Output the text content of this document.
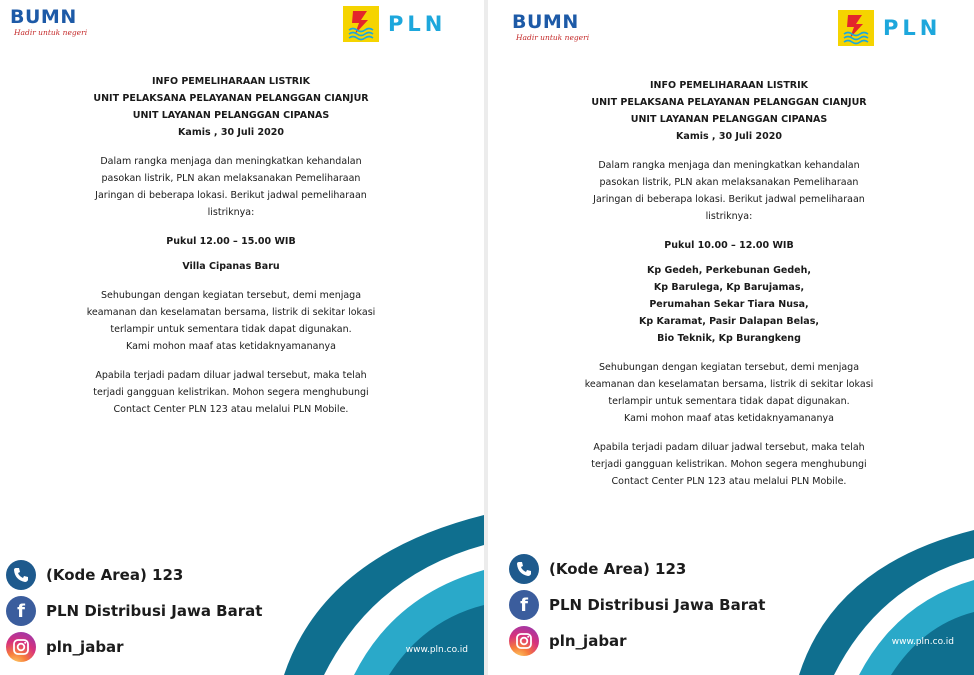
BUMN
Hadir untuk negeri	PLN
INFO PEMELIHARAAN LISTRIK
UNIT PELAKSANA PELAYANAN PELANGGAN CIANJUR
UNIT LAYANAN PELANGGAN CIPANAS
Kamis , 30 Juli 2020
Dalam rangka menjaga dan meningkatkan kehandalan
pasokan listrik, PLN akan melaksanakan Pemeliharaan
Jaringan di beberapa lokasi. Berikut jadwal pemeliharaan
listriknya:
Pukul 12.00 – 15.00 WIB
Villa Cipanas Baru
Sehubungan dengan kegiatan tersebut, demi menjaga
keamanan dan keselamatan bersama, listrik di sekitar lokasi
terlampir untuk sementara tidak dapat digunakan.
Kami mohon maaf atas ketidaknyamananya
Apabila terjadi padam diluar jadwal tersebut, maka telah
terjadi gangguan kelistrikan. Mohon segera menghubungi
Contact Center PLN 123 atau melalui PLN Mobile.
www.pln.co.id
(Kode Area) 123
f	PLN Distribusi Jawa Barat
pln_jabar
BUMN
Hadir untuk negeri	PLN
INFO PEMELIHARAAN LISTRIK
UNIT PELAKSANA PELAYANAN PELANGGAN CIANJUR
UNIT LAYANAN PELANGGAN CIPANAS
Kamis , 30 Juli 2020
Dalam rangka menjaga dan meningkatkan kehandalan
pasokan listrik, PLN akan melaksanakan Pemeliharaan
Jaringan di beberapa lokasi. Berikut jadwal pemeliharaan
listriknya:
Pukul 10.00 – 12.00 WIB
Kp Gedeh, Perkebunan Gedeh,
Kp Barulega, Kp Barujamas,
Perumahan Sekar Tiara Nusa,
Kp Karamat, Pasir Dalapan Belas,
Bio Teknik, Kp Burangkeng
Sehubungan dengan kegiatan tersebut, demi menjaga
keamanan dan keselamatan bersama, listrik di sekitar lokasi
terlampir untuk sementara tidak dapat digunakan.
Kami mohon maaf atas ketidaknyamananya
Apabila terjadi padam diluar jadwal tersebut, maka telah
terjadi gangguan kelistrikan. Mohon segera menghubungi
Contact Center PLN 123 atau melalui PLN Mobile.
www.pln.co.id
(Kode Area) 123
f	PLN Distribusi Jawa Barat
pln_jabar
